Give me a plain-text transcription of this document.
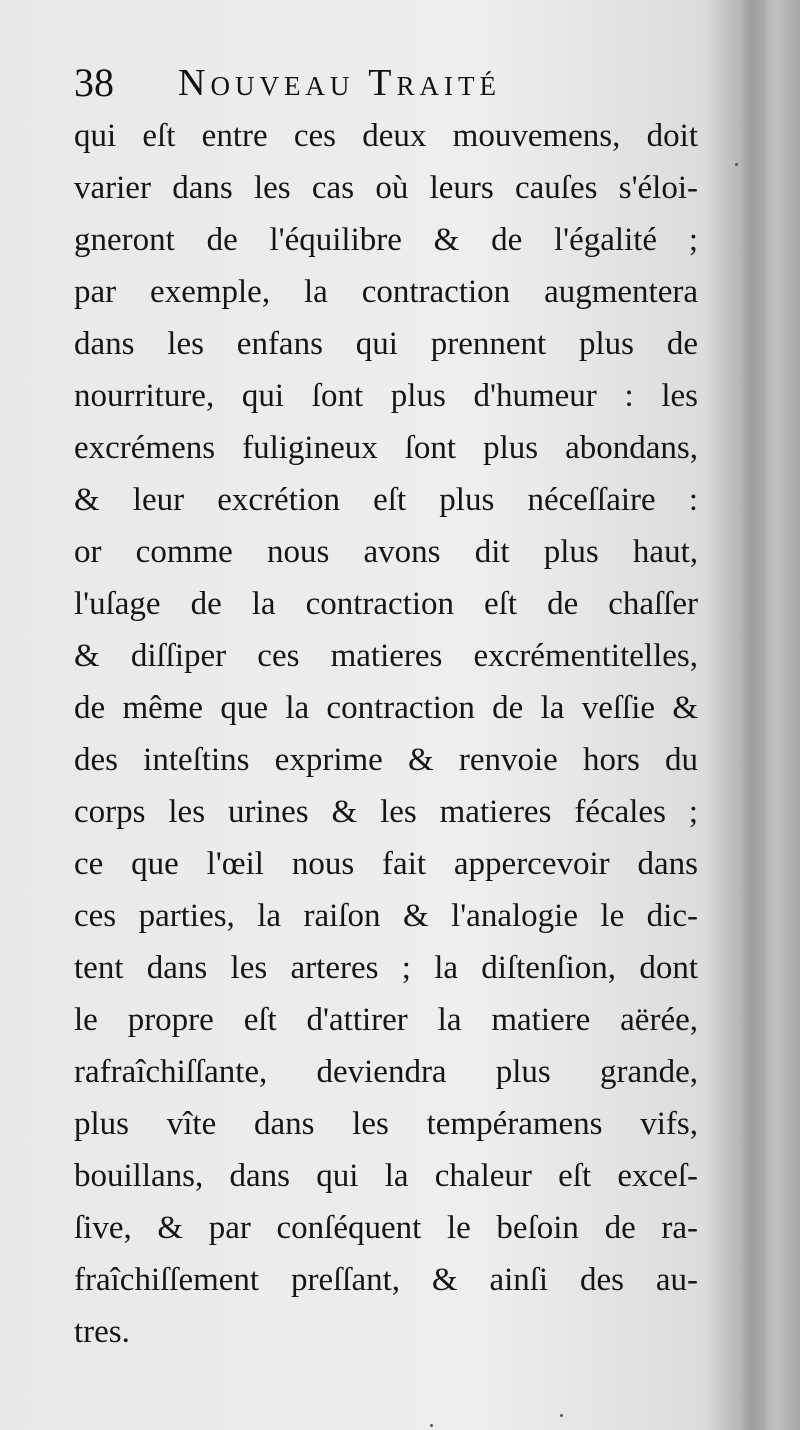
38 Nouveau Traité
qui eſt entre ces deux mouvemens, doit
varier dans les cas où leurs cauſes s'éloi-
gneront de l'équilibre & de l'égalité ;
par exemple, la contraction augmentera
dans les enfans qui prennent plus de
nourriture, qui ſont plus d'humeur : les
excrémens fuligineux ſont plus abondans,
& leur excrétion eſt plus néceſſaire :
or comme nous avons dit plus haut,
l'uſage de la contraction eſt de chaſſer
& diſſiper ces matieres excrémentitelles,
de même que la contraction de la veſſie &
des inteſtins exprime & renvoie hors du
corps les urines & les matieres fécales ;
ce que l'œil nous fait appercevoir dans
ces parties, la raiſon & l'analogie le dic-
tent dans les arteres ; la diſtenſion, dont
le propre eſt d'attirer la matiere aërée,
rafraîchiſſante, deviendra plus grande,
plus vîte dans les tempéramens vifs,
bouillans, dans qui la chaleur eſt exceſ-
ſive, & par conſéquent le beſoin de ra-
fraîchiſſement preſſant, & ainſi des au-
tres.
